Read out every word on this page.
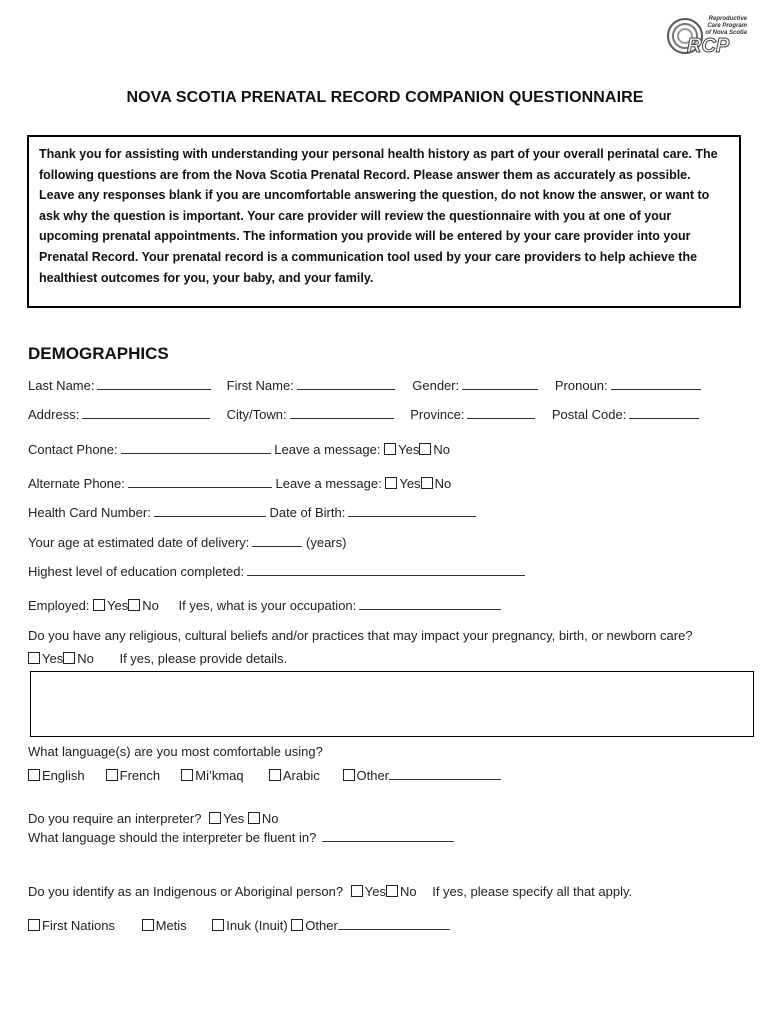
RCP
Reproductive
Care Program
of Nova Scotia
NOVA SCOTIA PRENATAL RECORD COMPANION QUESTIONNAIRE
Thank you for assisting with understanding your personal health history as part of your overall perinatal care. The following questions are from the Nova Scotia Prenatal Record. Please answer them as accurately as possible. Leave any responses blank if you are uncomfortable answering the question, do not know the answer, or want to ask why the question is important. Your care provider will review the questionnaire with you at one of your upcoming prenatal appointments. The information you provide will be entered by your care provider into your Prenatal Record. Your prenatal record is a communication tool used by your care providers to help achieve the healthiest outcomes for you, your baby, and your family.
DEMOGRAPHICS
Last Name:	First Name:	Gender:	Pronoun:
Address:	City/Town:	Province:	Postal Code:
Contact Phone:	Leave a message: Yes No
Alternate Phone:	Leave a message: Yes No
Health Card Number:	Date of Birth:
Your age at estimated date of delivery:	(years)
Highest level of education completed:
Employed: Yes No If yes, what is your occupation:
Do you have any religious, cultural beliefs and/or practices that may impact your pregnancy, birth, or newborn care?
Yes No If yes, please provide details.
What language(s) are you most comfortable using?
English	French	Mi’kmaq	Arabic	Other
Do you require an interpreter? Yes No
What language should the interpreter be fluent in?
Do you identify as an Indigenous or Aboriginal person? Yes No If yes, please specify all that apply.
First Nations	Metis	Inuk (Inuit) Other
